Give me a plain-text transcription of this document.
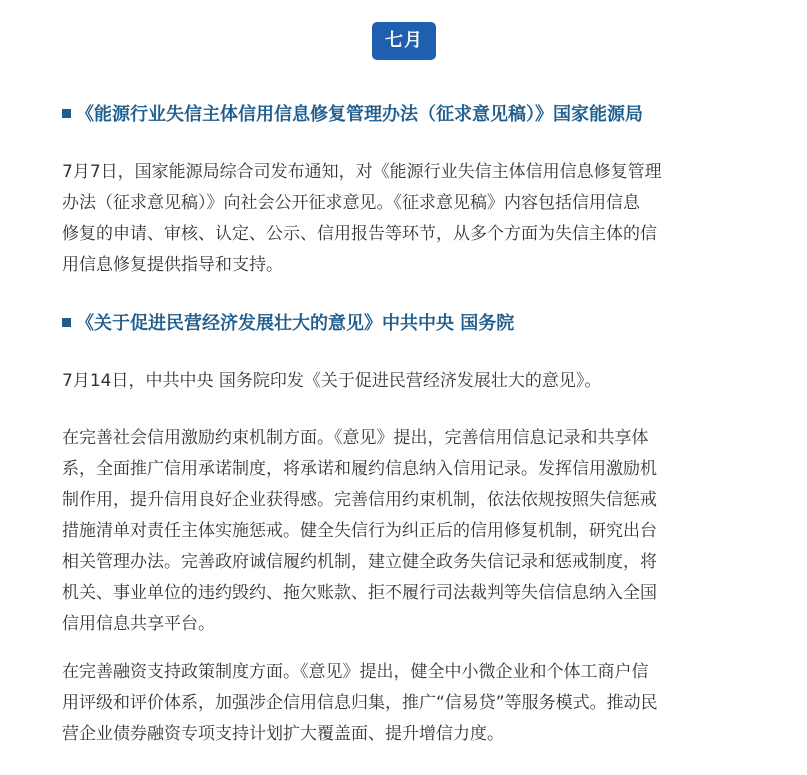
七月
《能源行业失信主体信用信息修复管理办法（征求意见稿）》国家能源局
7月7日，国家能源局综合司发布通知，对《能源行业失信主体信用信息修复管理
办法（征求意见稿）》向社会公开征求意见。《征求意见稿》内容包括信用信息
修复的申请、审核、认定、公示、信用报告等环节，从多个方面为失信主体的信
用信息修复提供指导和支持。
《关于促进民营经济发展壮大的意见》中共中央 国务院
7月14日，中共中央 国务院印发《关于促进民营经济发展壮大的意见》。
在完善社会信用激励约束机制方面。《意见》提出，完善信用信息记录和共享体
系，全面推广信用承诺制度，将承诺和履约信息纳入信用记录。发挥信用激励机
制作用，提升信用良好企业获得感。完善信用约束机制，依法依规按照失信惩戒
措施清单对责任主体实施惩戒。健全失信行为纠正后的信用修复机制，研究出台
相关管理办法。完善政府诚信履约机制，建立健全政务失信记录和惩戒制度，将
机关、事业单位的违约毁约、拖欠账款、拒不履行司法裁判等失信信息纳入全国
信用信息共享平台。
在完善融资支持政策制度方面。《意见》提出，健全中小微企业和个体工商户信
用评级和评价体系，加强涉企信用信息归集，推广“信易贷”等服务模式。推动民
营企业债券融资专项支持计划扩大覆盖面、提升增信力度。
